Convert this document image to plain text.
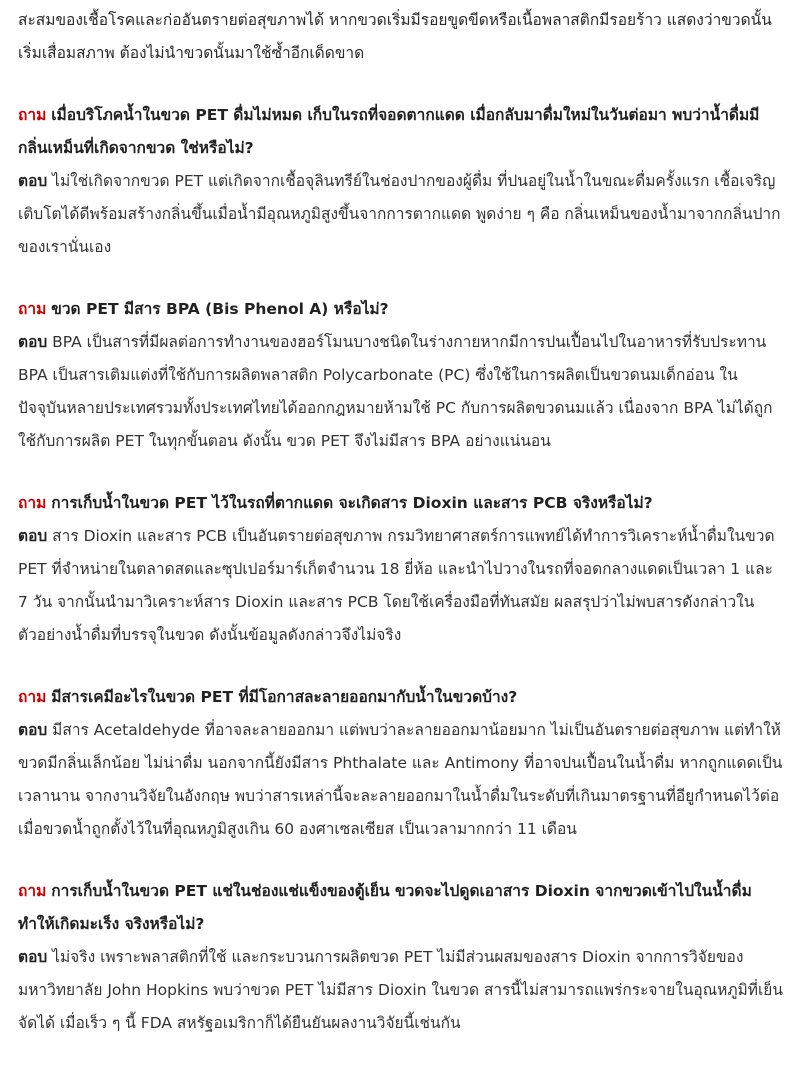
สะสมของเชื้อโรคและก่ออันตรายต่อสุขภาพได้ หากขวดเริ่มมีรอยขูดขีดหรือเนื้อพลาสติกมีรอยร้าว แสดงว่าขวดนั้นเริ่มเสื่อมสภาพ ต้องไม่นำขวดนั้นมาใช้ซ้ำอีกเด็ดขาด

ถาม เมื่อบริโภคน้ำในขวด PET ดื่มไม่หมด เก็บในรถที่จอดตากแดด เมื่อกลับมาดื่มใหม่ในวันต่อมา พบว่าน้ำดื่มมีกลิ่นเหม็นที่เกิดจากขวด ใช่หรือไม่?

ตอบ ไม่ใช่เกิดจากขวด PET แต่เกิดจากเชื้อจุลินทรีย์ในช่องปากของผู้ดื่ม ที่ปนอยู่ในน้ำในขณะดื่มครั้งแรก เชื้อเจริญเติบโตได้ดีพร้อมสร้างกลิ่นขึ้นเมื่อน้ำมีอุณหภูมิสูงขึ้นจากการตากแดด พูดง่าย ๆ คือ กลิ่นเหม็นของน้ำมาจากกลิ่นปากของเรานั่นเอง

ถาม ขวด PET มีสาร BPA (Bis Phenol A) หรือไม่?

ตอบ BPA เป็นสารที่มีผลต่อการทำงานของฮอร์โมนบางชนิดในร่างกายหากมีการปนเปื้อนไปในอาหารที่รับประทาน BPA เป็นสารเติมแต่งที่ใช้กับการผลิตพลาสติก Polycarbonate (PC) ซึ่งใช้ในการผลิตเป็นขวดนมเด็กอ่อน ในปัจจุบันหลายประเทศรวมทั้งประเทศไทยได้ออกกฎหมายห้ามใช้ PC กับการผลิตขวดนมแล้ว เนื่องจาก BPA ไม่ได้ถูกใช้กับการผลิต PET ในทุกขั้นตอน ดังนั้น ขวด PET จึงไม่มีสาร BPA อย่างแน่นอน

ถาม การเก็บน้ำในขวด PET ไว้ในรถที่ตากแดด จะเกิดสาร Dioxin และสาร PCB จริงหรือไม่?

ตอบ สาร Dioxin และสาร PCB เป็นอันตรายต่อสุขภาพ กรมวิทยาศาสตร์การแพทย์ได้ทำการวิเคราะห์น้ำดื่มในขวด PET ที่จำหน่ายในตลาดสดและซุปเปอร์มาร์เก็ตจำนวน 18 ยี่ห้อ และนำไปวางในรถที่จอดกลางแดดเป็นเวลา 1 และ 7 วัน จากนั้นนำมาวิเคราะห์สาร Dioxin และสาร PCB โดยใช้เครื่องมือที่ทันสมัย ผลสรุปว่าไม่พบสารดังกล่าวในตัวอย่างน้ำดื่มที่บรรจุในขวด ดังนั้นข้อมูลดังกล่าวจึงไม่จริง

ถาม มีสารเคมีอะไรในขวด PET ที่มีโอกาสละลายออกมากับน้ำในขวดบ้าง?

ตอบ มีสาร Acetaldehyde ที่อาจละลายออกมา แต่พบว่าละลายออกมาน้อยมาก ไม่เป็นอันตรายต่อสุขภาพ แต่ทำให้ขวดมีกลิ่นเล็กน้อย ไม่น่าดื่ม นอกจากนี้ยังมีสาร Phthalate และ Antimony ที่อาจปนเปื้อนในน้ำดื่ม หากถูกแดดเป็นเวลานาน จากงานวิจัยในอังกฤษ พบว่าสารเหล่านี้จะละลายออกมาในน้ำดื่มในระดับที่เกินมาตรฐานที่อียูกำหนดไว้ต่อเมื่อขวดน้ำถูกตั้งไว้ในที่อุณหภูมิสูงเกิน 60 องศาเซลเซียส เป็นเวลามากกว่า 11 เดือน

ถาม การเก็บน้ำในขวด PET แช่ในช่องแช่แข็งของตู้เย็น ขวดจะไปดูดเอาสาร Dioxin จากขวดเข้าไปในน้ำดื่มทำให้เกิดมะเร็ง จริงหรือไม่?

ตอบ ไม่จริง เพราะพลาสติกที่ใช้ และกระบวนการผลิตขวด PET ไม่มีส่วนผสมของสาร Dioxin จากการวิจัยของมหาวิทยาลัย John Hopkins พบว่าขวด PET ไม่มีสาร Dioxin ในขวด สารนี้ไม่สามารถแพร่กระจายในอุณหภูมิที่เย็นจัดได้ เมื่อเร็ว ๆ นี้ FDA สหรัฐอเมริกาก็ได้ยืนยันผลงานวิจัยนี้เช่นกัน
